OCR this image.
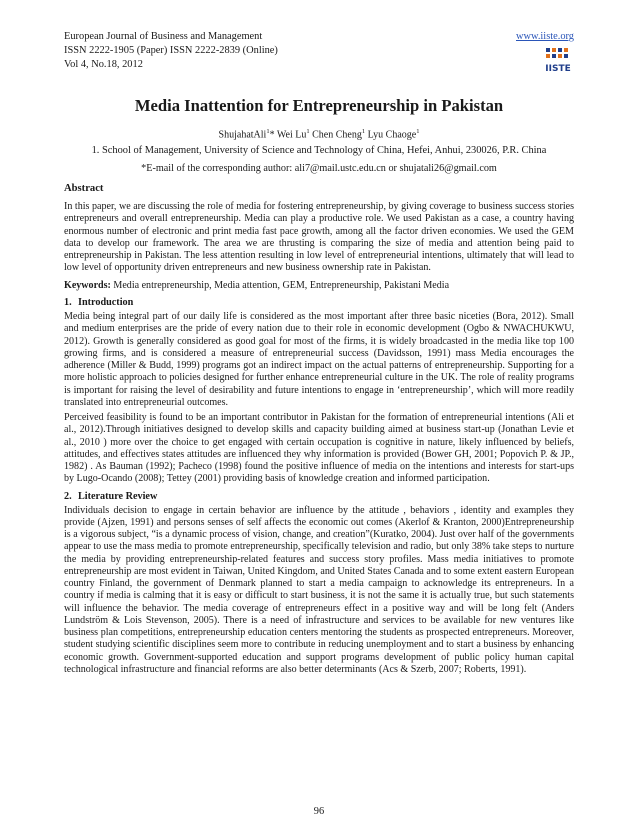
European Journal of Business and Management
ISSN 2222-1905 (Paper) ISSN 2222-2839 (Online)
Vol 4, No.18, 2012
www.iiste.org
IISTE
Media Inattention for Entrepreneurship in Pakistan
ShujahatAli$^1$* Wei Lu$^1$ Chen Cheng$^1$ Lyu Chaoge$^1$
1. School of Management, University of Science and Technology of China, Hefei, Anhui, 230026, P.R. China
*E-mail of the corresponding author: ali7@mail.ustc.edu.cn or shujatali26@gmail.com
Abstract

In this paper, we are discussing the role of media for fostering entrepreneurship, by giving coverage to business success stories entrepreneurs and overall entrepreneurship. Media can play a productive role. We used Pakistan as a case, a country having enormous number of electronic and print media fast pace growth, among all the factor driven economies. We used the GEM data to develop our framework. The area we are thrusting is comparing the size of media and attention being paid to entrepreneurship in Pakistan. The less attention resulting in low level of entrepreneurial intentions, ultimately that will lead to low level of opportunity driven entrepreneurs and new business ownership rate in Pakistan.

Keywords: Media entrepreneurship, Media attention, GEM, Entrepreneurship, Pakistani Media
1. Introduction

Media being integral part of our daily life is considered as the most important after three basic niceties (Bora, 2012). Small and medium enterprises are the pride of every nation due to their role in economic development (Ogbo & NWACHUKWU, 2012). Growth is generally considered as good goal for most of the firms, it is widely broadcasted in the media like top 100 growing firms, and is considered a measure of entrepreneurial success (Davidsson, 1991) mass Media encourages the adherence (Miller & Budd, 1999) programs got an indirect impact on the actual patterns of entrepreneurship. Supporting for a more holistic approach to policies designed for further enhance entrepreneurial culture in the UK. The role of reality programs is important for raising the level of desirability and future intentions to engage in ‘entrepreneurship’, which will more readily translated into entrepreneurial outcomes.

Perceived feasibility is found to be an important contributor in Pakistan for the formation of entrepreneurial intentions (Ali et al., 2012).Through initiatives designed to develop skills and capacity building aimed at business start-up (Jonathan Levie et al., 2010 ) more over the choice to get engaged with certain occupation is cognitive in nature, likely influenced by beliefs, attitudes, and effectives states attitudes are influenced they why information is provided (Bower GH, 2001; Popovich P. & JP., 1982) . As Bauman (1992); Pacheco (1998) found the positive influence of media on the intentions and interests for start-ups by Lugo-Ocando (2008); Tettey (2001) providing basis of knowledge creation and informed participation.

2. Literature Review

Individuals decision to engage in certain behavior are influence by the attitude , behaviors , identity and examples they provide (Ajzen, 1991) and persons senses of self affects the economic out comes (Akerlof & Kranton, 2000)Entrepreneurship is a vigorous subject, “is a dynamic process of vision, change, and creation”(Kuratko, 2004). Just over half of the governments appear to use the mass media to promote entrepreneurship, specifically television and radio, but only 38% take steps to nurture the media by providing entrepreneurship-related features and success story profiles. Mass media initiatives to promote entrepreneurship are most evident in Taiwan, United Kingdom, and United States Canada and to some extent eastern European country Finland, the government of Denmark planned to start a media campaign to acknowledge its entrepreneurs. In a country if media is calming that it is easy or difficult to start business, it is not the same it is actually true, but such statements will influence the behavior. The media coverage of entrepreneurs effect in a positive way and will be long felt (Anders Lundström & Lois Stevenson, 2005). There is a need of infrastructure and services to be available for new ventures like business plan competitions, entrepreneurship education centers mentoring the students as prospected entrepreneurs. Moreover, student studying scientific disciplines seem more to contribute in reducing unemployment and to start a business by enhancing economic growth. Government-supported education and support programs development of public policy human capital technological infrastructure and financial reforms are also better determinants (Acs & Szerb, 2007; Roberts, 1991).

96
